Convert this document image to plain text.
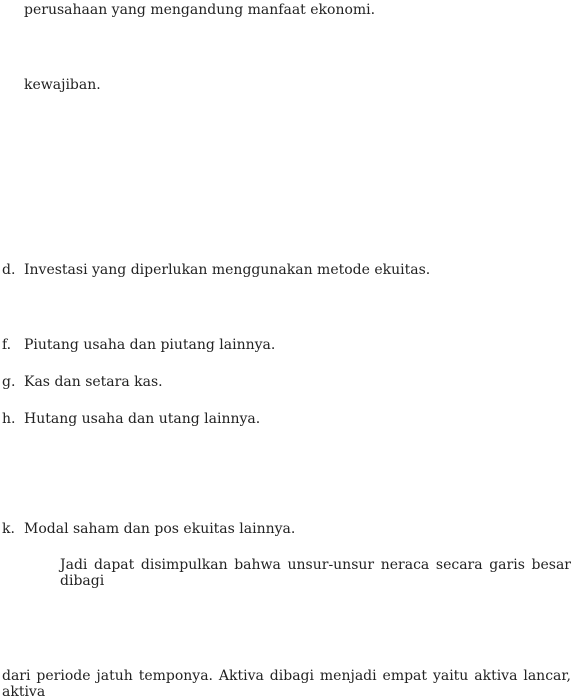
perusahaan yang mengandung manfaat ekonomi.
kewajiban.
d. Investasi yang diperlukan menggunakan metode ekuitas.
f. Piutang usaha dan piutang lainnya.
g. Kas dan setara kas.
h. Hutang usaha dan utang lainnya.
k. Modal saham dan pos ekuitas lainnya.
Jadi dapat disimpulkan bahwa unsur-unsur neraca secara garis besar dibagi
dari periode jatuh temponya. Aktiva dibagi menjadi empat yaitu aktiva lancar, aktiva
